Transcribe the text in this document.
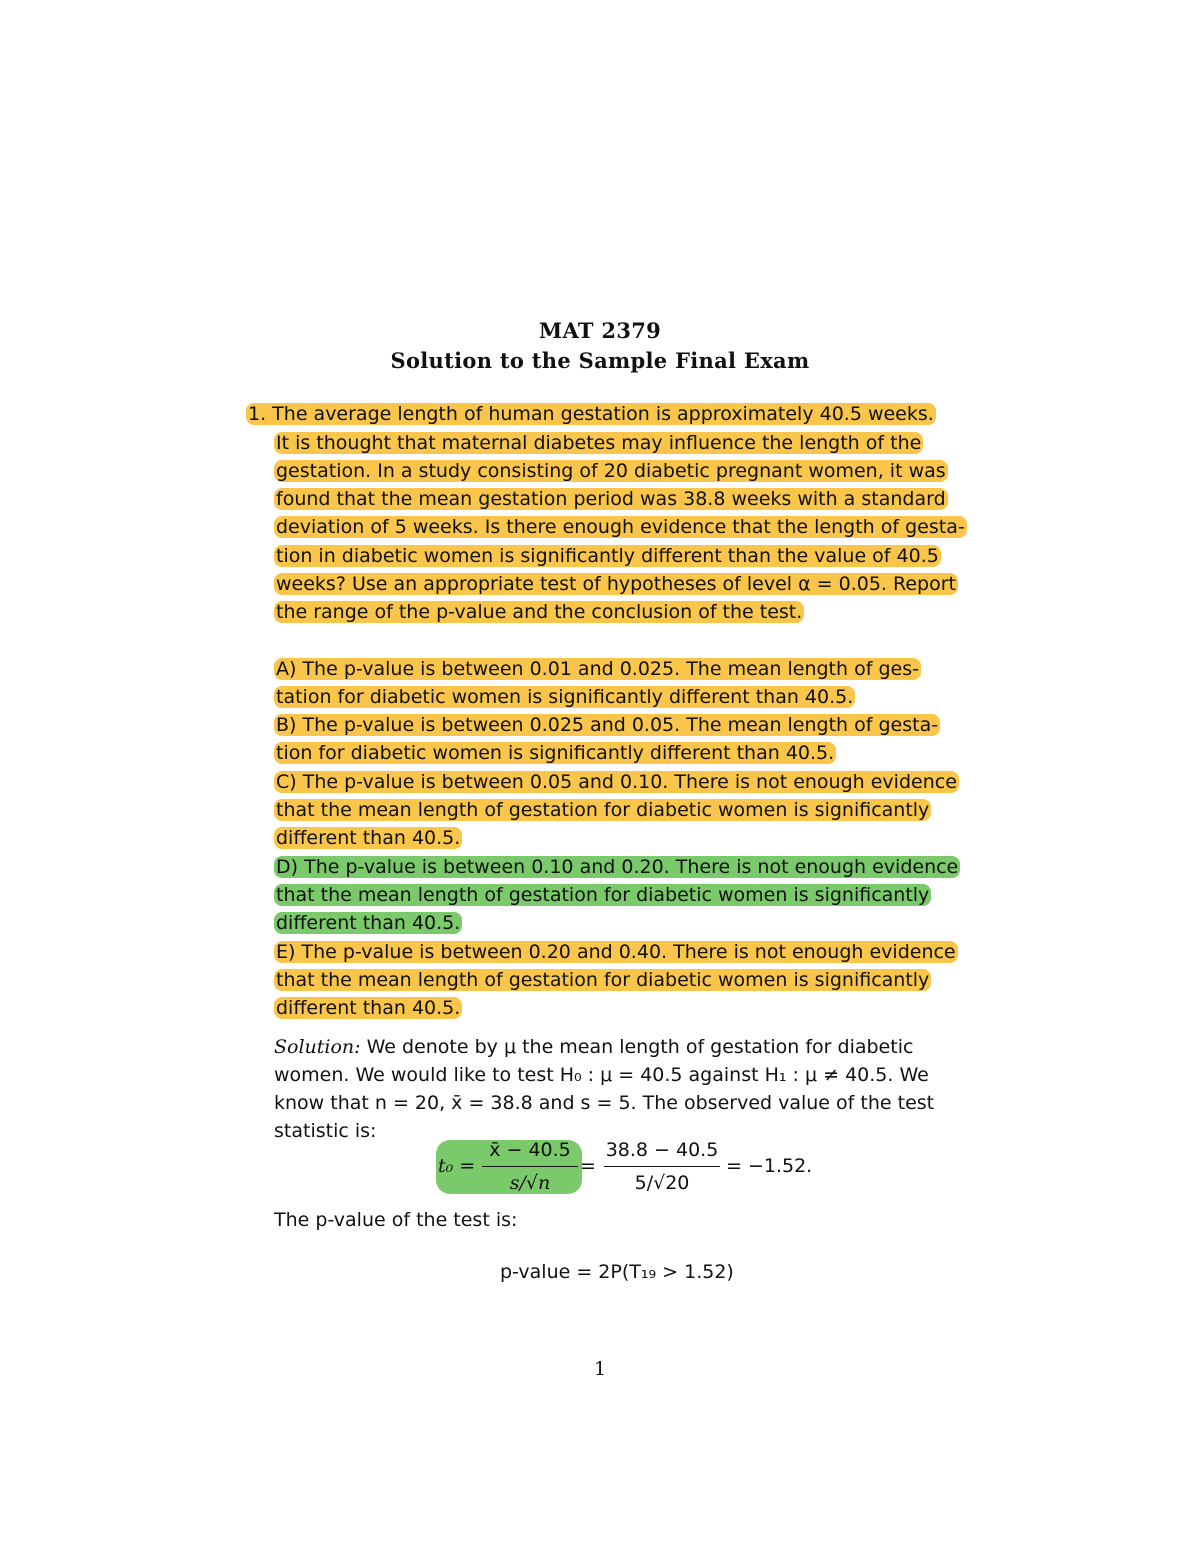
MAT 2379
Solution to the Sample Final Exam
1. The average length of human gestation is approximately 40.5 weeks.
It is thought that maternal diabetes may influence the length of the
gestation. In a study consisting of 20 diabetic pregnant women, it was
found that the mean gestation period was 38.8 weeks with a standard
deviation of 5 weeks. Is there enough evidence that the length of gesta-
tion in diabetic women is significantly different than the value of 40.5
weeks? Use an appropriate test of hypotheses of level α = 0.05. Report
the range of the p-value and the conclusion of the test.
A) The p-value is between 0.01 and 0.025. The mean length of ges-
tation for diabetic women is significantly different than 40.5.
B) The p-value is between 0.025 and 0.05. The mean length of gesta-
tion for diabetic women is significantly different than 40.5.
C) The p-value is between 0.05 and 0.10. There is not enough evidence
that the mean length of gestation for diabetic women is significantly
different than 40.5.
D) The p-value is between 0.10 and 0.20. There is not enough evidence
that the mean length of gestation for diabetic women is significantly
different than 40.5.
E) The p-value is between 0.20 and 0.40. There is not enough evidence
that the mean length of gestation for diabetic women is significantly
different than 40.5.
Solution: We denote by μ the mean length of gestation for diabetic
women. We would like to test H₀ : μ = 40.5 against H₁ : μ ≠ 40.5. We
know that n = 20, x̄ = 38.8 and s = 5. The observed value of the test
statistic is:
t₀ =
x̄ − 40.5
s/√n
=
38.8 − 40.5
5/√20
= −1.52.
The p-value of the test is:
p-value = 2P(T₁₉ > 1.52)
1
